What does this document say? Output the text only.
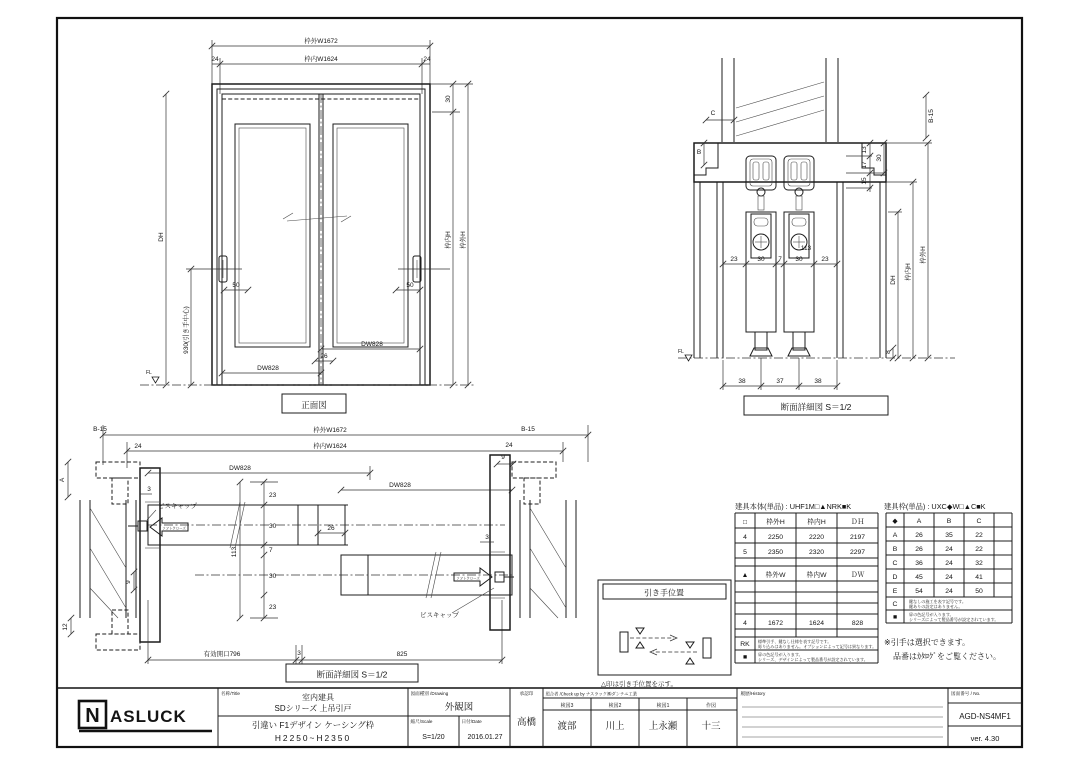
枠外W1672
24	24
枠内W1624
50	50
DW828
DW828
26
DH
930(引き手中心)
FL
30
枠内H	枠外H
正面図
FL
C
B
B-15
13
17
15
30
113
23	30 7 30	23
38	37	38
8
DH	枠内H
枠外H
断面詳細図 S＝1/2
枠外W1672
枠内W1624
24	24
B-15	B-15
9
A
12
3
9
ビスキャップ
ソフトクローズ	26
DW828
DW828
23
30
7
30
23
113
有効開口796	3	825
3
ソフトクローズ
ビスキャップ
断面詳細図 S＝1/2
引き手位置
△印は引き手位置を示す。
建具本体(単品) : UHF1M□▲NRK■K
□	枠外H	枠内H	ＤＨ
4	2250	2220	2197
5	2350	2320	2297
▲	枠外W	枠内W	ＤＷ
4	1672	1624	828
RK 標準引手、鍵なし仕様を表す記号です。
彫り込みはありません。オプションによって記号は異なります。
■	扉の色記号が入ります。
シリーズ、デザインによって製品番号が設定されています。
建具枠(単品) : UXC◆W□▲C■K
◆	A	B	C
A	26	35	22
B	26	24	22
C	36	24	32
D	45	24	41
E	54	24	50
C	鍵なしの施工を表す記号です。
鍵ありの設定はありません。
■	扉の色記号が入ります。
シリーズによって製品番号が設定されています。
※引手は選択できます。
品番はｶﾀﾛｸﾞをご覧ください。
N ASLUCK
名称/Title	室内建具
SDシリーズ 上吊引戸
引違い F1デザイン ケーシング枠
H2250~H2350
図面種別 /Drawing
外観図
縮尺/Scale
S=1/20
日付/Date
2016.01.27
承認印
高橋
照合者 /Check up by ナスラック㈱ダンテニ工業
検図3	検図2	検図1	作図
渡部	川上	上永瀬	十三
履歴/History	図面番号 / No.
AGD-NS4MF1
ver. 4.30
